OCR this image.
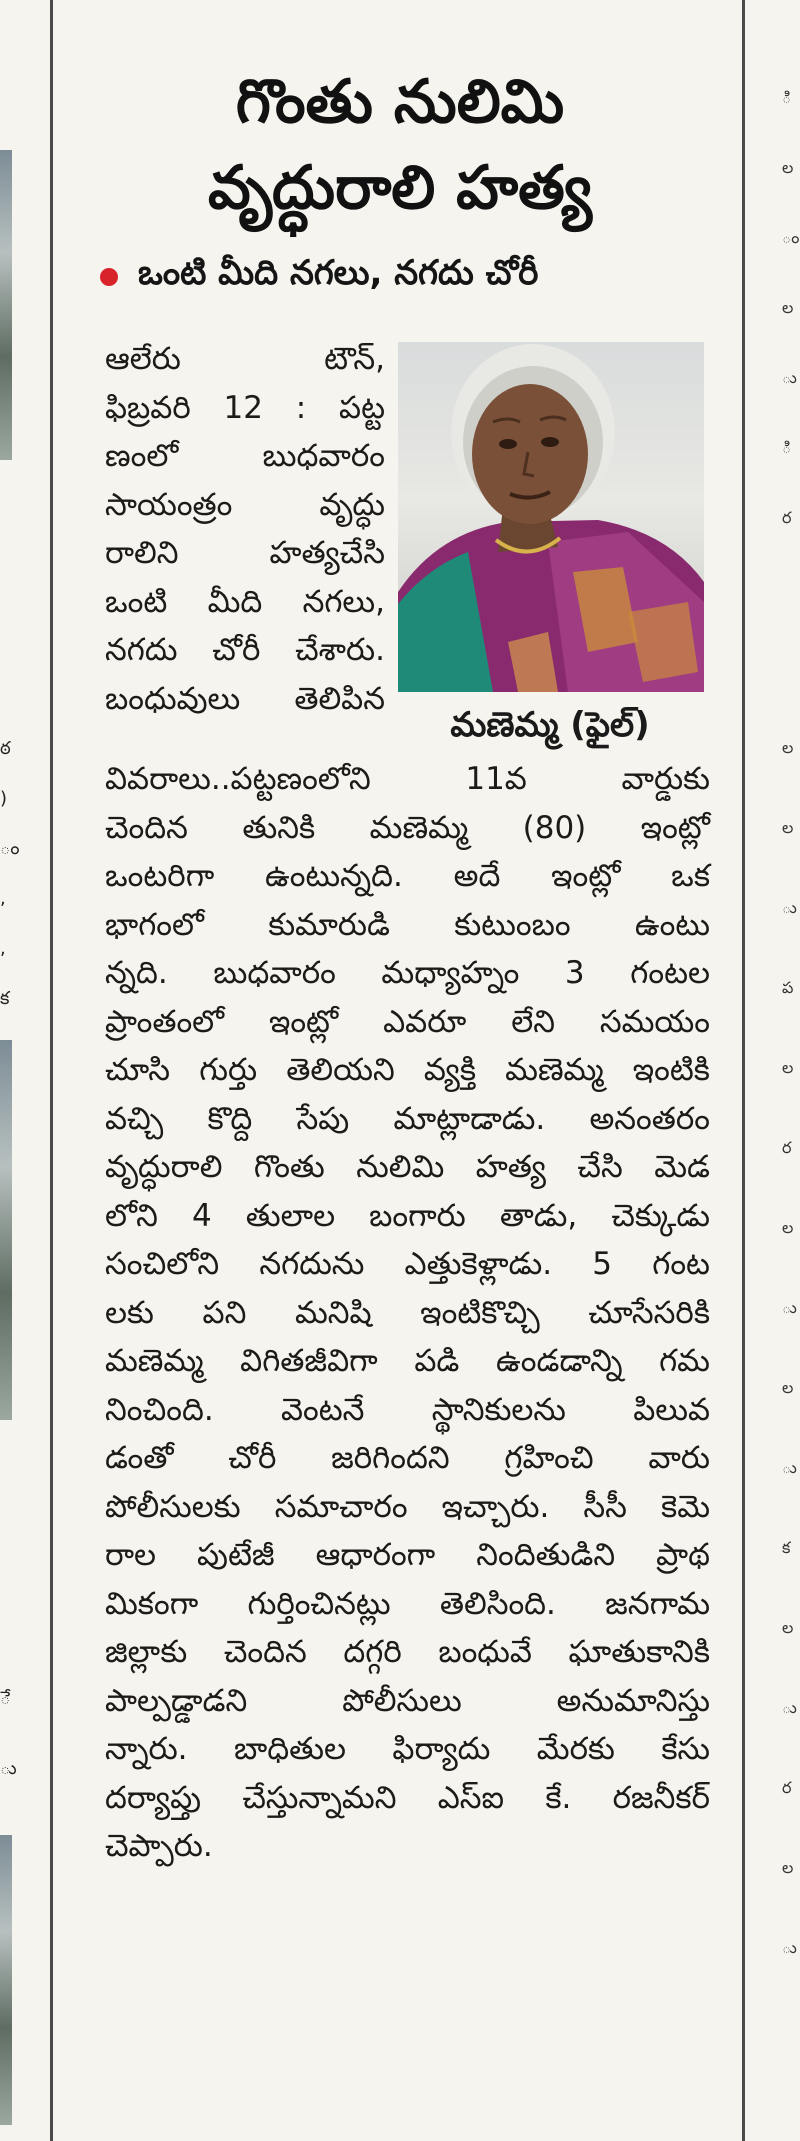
ఠ
)
ం
,
,
క
ే
ు
ి
ల
ం
ల
ు
ి
ర
ల
ల
ు
ప
ల
ర
ల
ు
ల
ు
క
ల
ు
ర
ల
ు
గొంతు నులిమి
వృద్ధురాలి హత్య
ఒంటి మీది నగలు, నగదు చోరీ
మణెమ్మ (ఫైల్)
ఆలేరు టౌన్,
ఫిబ్రవరి 12 : పట్ట
ణంలో బుధవారం
సాయంత్రం వృద్ధు
రాలిని హత్యచేసి
ఒంటి మీది నగలు,
నగదు చోరీ చేశారు.
బంధువులు తెలిపిన
వివరాలు..పట్టణంలోని 11వ వార్డుకు
చెందిన తునికి మణెమ్మ (80) ఇంట్లో
ఒంటరిగా ఉంటున్నది. అదే ఇంట్లో ఒక
భాగంలో కుమారుడి కుటుంబం ఉంటు
న్నది. బుధవారం మధ్యాహ్నం 3 గంటల
ప్రాంతంలో ఇంట్లో ఎవరూ లేని సమయం
చూసి గుర్తు తెలియని వ్యక్తి మణెమ్మ ఇంటికి
వచ్చి కొద్ది సేపు మాట్లాడాడు. అనంతరం
వృద్ధురాలి గొంతు నులిమి హత్య చేసి మెడ
లోని 4 తులాల బంగారు తాడు, చెక్కుడు
సంచిలోని నగదును ఎత్తుకెళ్లాడు. 5 గంట
లకు పని మనిషి ఇంటికొచ్చి చూసేసరికి
మణెమ్మ విగితజీవిగా పడి ఉండడాన్ని గమ
నించింది. వెంటనే స్థానికులను పిలువ
డంతో చోరీ జరిగిందని గ్రహించి వారు
పోలీసులకు సమాచారం ఇచ్చారు. సీసీ కెమె
రాల పుటేజీ ఆధారంగా నిందితుడిని ప్రాథ
మికంగా గుర్తించినట్లు తెలిసింది. జనగామ
జిల్లాకు చెందిన దగ్గరి బంధువే ఘాతుకానికి
పాల్పడ్డాడని పోలీసులు అనుమానిస్తు
న్నారు. బాధితుల ఫిర్యాదు మేరకు కేసు
దర్యాప్తు చేస్తున్నామని ఎస్ఐ కే. రజనీకర్
చెప్పారు.
